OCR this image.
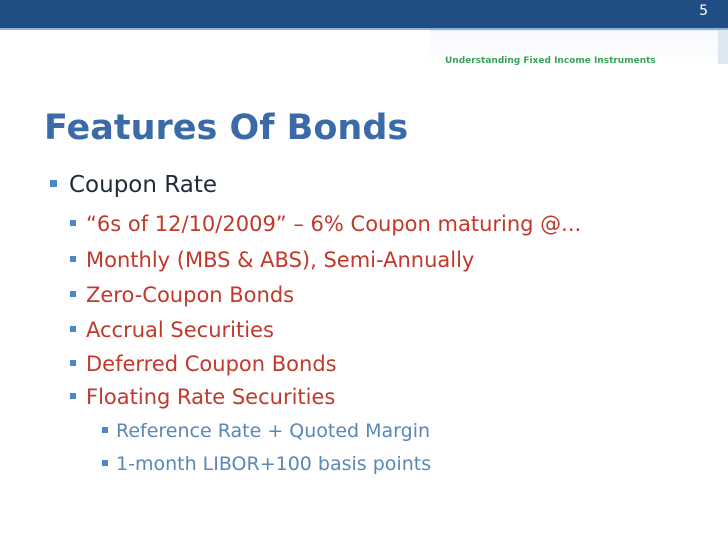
5
Understanding Fixed Income Instruments
Features Of Bonds
Coupon Rate
“6s of 12/10/2009” – 6% Coupon maturing @...
Monthly (MBS & ABS), Semi-Annually
Zero-Coupon Bonds
Accrual Securities
Deferred Coupon Bonds
Floating Rate Securities
Reference Rate + Quoted Margin
1-month LIBOR+100 basis points
